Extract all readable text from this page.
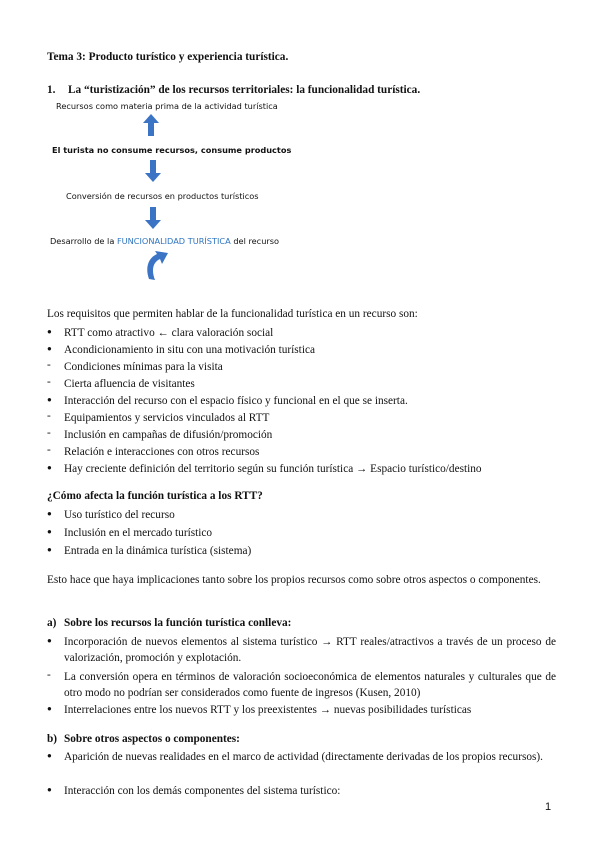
Tema 3: Producto turístico y experiencia turística.
1. La “turistización” de los recursos territoriales: la funcionalidad turística.
Recursos como materia prima de la actividad turística
El turista no consume recursos, consume productos
Conversión de recursos en productos turísticos
Desarrollo de la FUNCIONALIDAD TURÍSTICA del recurso
Los requisitos que permiten hablar de la funcionalidad turística en un recurso son:
●
RTT como atractivo ← clara valoración social
●
Acondicionamiento in situ con una motivación turística
-
Condiciones mínimas para la visita
-
Cierta afluencia de visitantes
●
Interacción del recurso con el espacio físico y funcional en el que se inserta.
-
Equipamientos y servicios vinculados al RTT
-
Inclusión en campañas de difusión/promoción
-
Relación e interacciones con otros recursos
●
Hay creciente definición del territorio según su función turística → Espacio turístico/destino
¿Cómo afecta la función turística a los RTT?
●
Uso turístico del recurso
●
Inclusión en el mercado turístico
●
Entrada en la dinámica turística (sistema)
Esto hace que haya implicaciones tanto sobre los propios recursos como sobre otros aspectos o componentes.
a) Sobre los recursos la función turística conlleva:
●
Incorporación de nuevos elementos al sistema turístico → RTT reales/atractivos a través de un proceso de valorización, promoción y explotación.
-
La conversión opera en términos de valoración socioeconómica de elementos naturales y culturales que de otro modo no podrían ser considerados como fuente de ingresos (Kusen, 2010)
●
Interrelaciones entre los nuevos RTT y los preexistentes → nuevas posibilidades turísticas
b) Sobre otros aspectos o componentes:
●
Aparición de nuevas realidades en el marco de actividad (directamente derivadas de los propios recursos).
●
Interacción con los demás componentes del sistema turístico:
1
